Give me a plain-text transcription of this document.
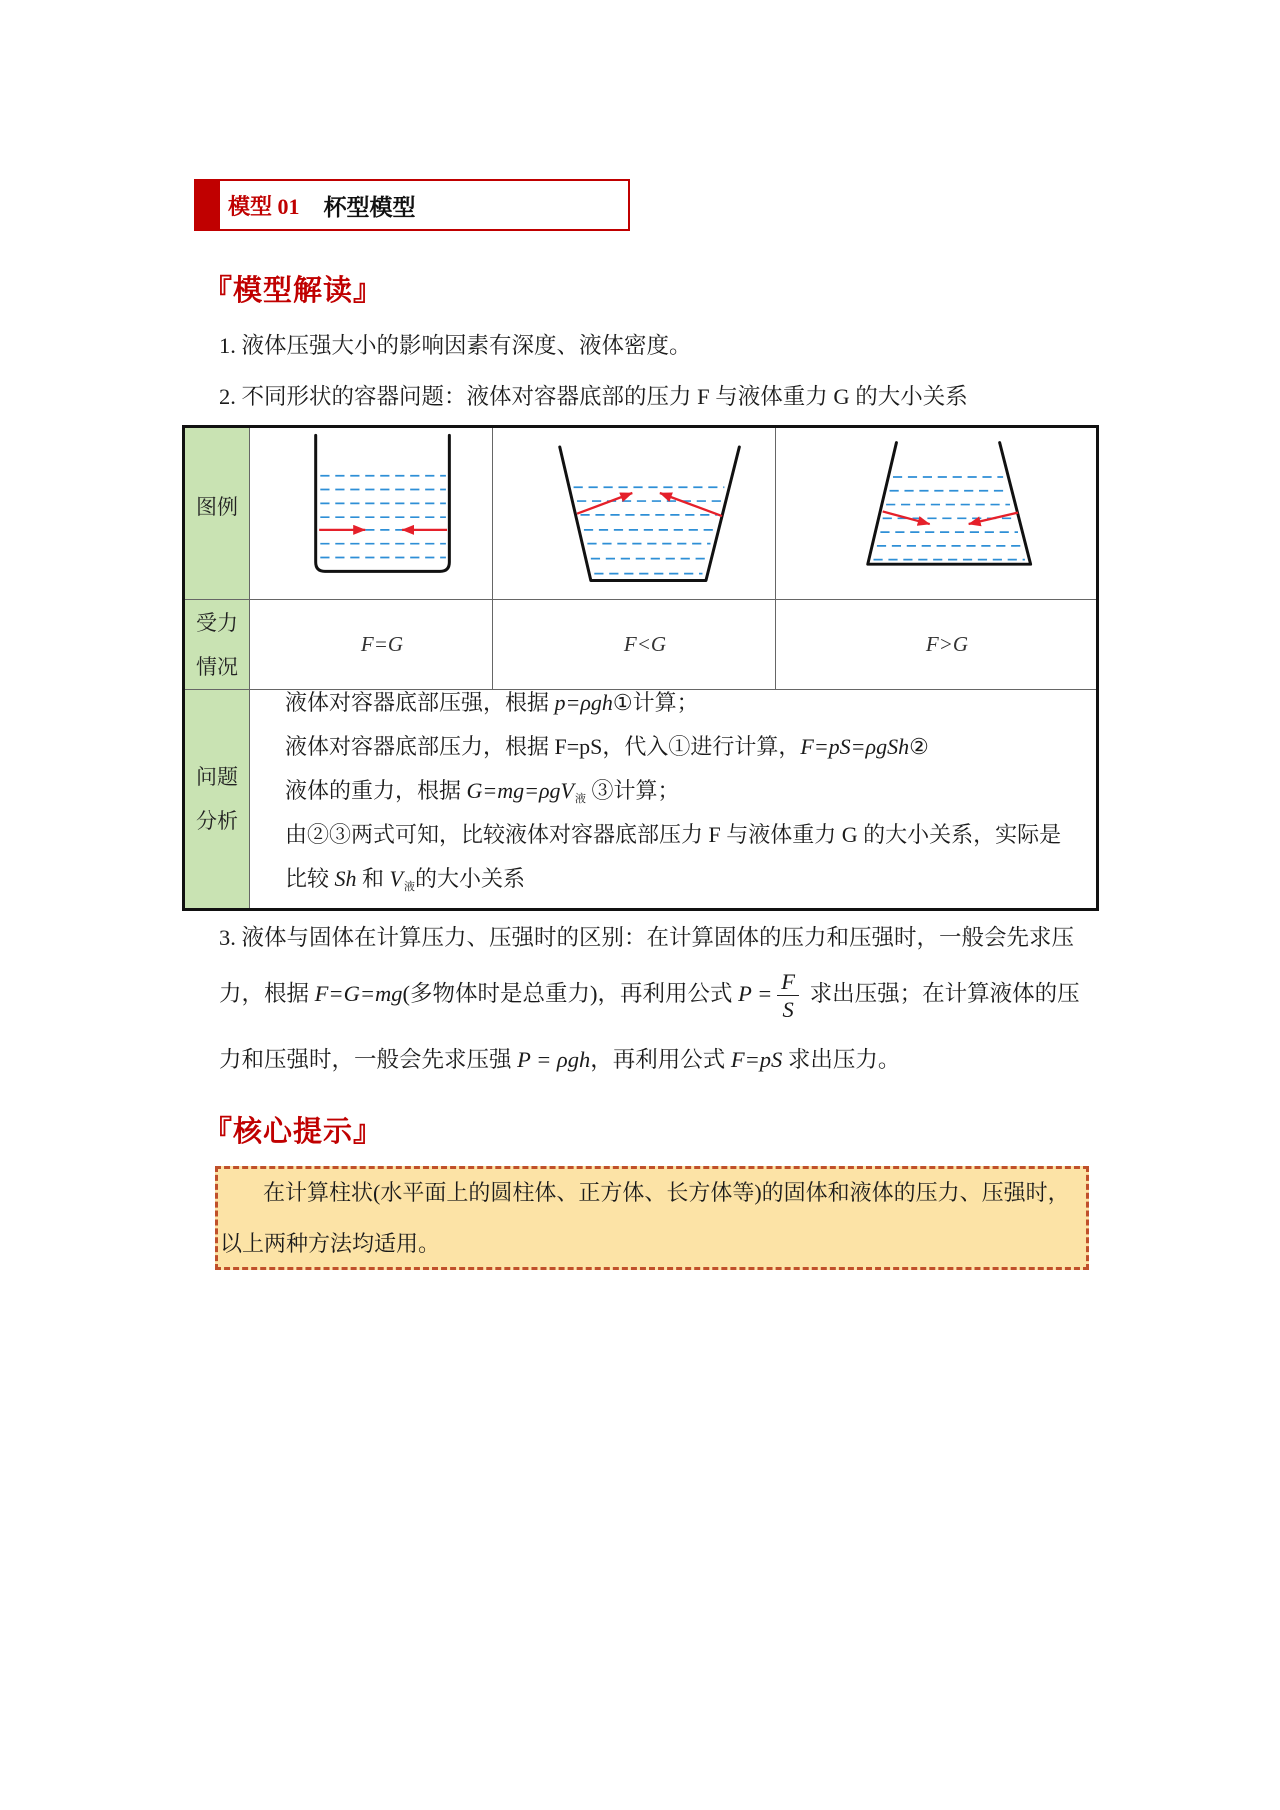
模型 01 杯型模型
『模型解读』
1. 液体压强大小的影响因素有深度、液体密度。
2. 不同形状的容器问题：液体对容器底部的压力 F 与液体重力 G 的大小关系
图例
受力
情况
F=G	F<G	F>G
问题
分析
液体对容器底部压强，根据 p=ρgh①计算；
液体对容器底部压力，根据 F=pS，代入①进行计算，F=pS=ρgSh②
液体的重力，根据 G=mg=ρgV$_液$ ③计算；
由②③两式可知，比较液体对容器底部压力 F 与液体重力 G 的大小关系，实际是
比较 Sh 和 $V_液$的大小关系
3. 液体与固体在计算压力、压强时的区别：在计算固体的压力和压强时，一般会先求压
力，根据 F=G=mg(多物体时是总重力)，再利用公式 $P = \frac{F}{S}$ 求出压强；在计算液体的压
力和压强时，一般会先求压强 P = ρgh，再利用公式 F=pS 求出压力。
『核心提示』
在计算柱状(水平面上的圆柱体、正方体、长方体等)的固体和液体的压力、压强时，
以上两种方法均适用。
